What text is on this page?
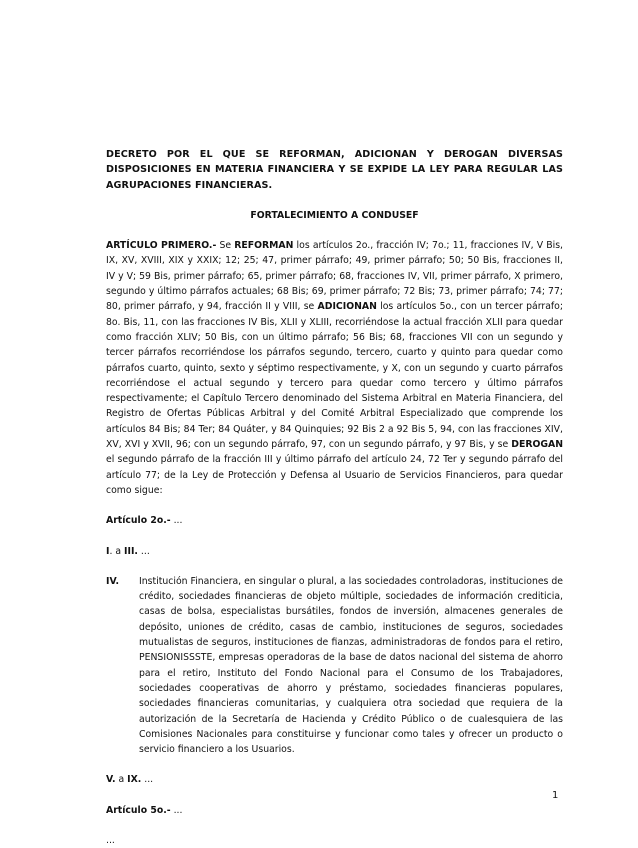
DECRETO POR EL QUE SE REFORMAN, ADICIONAN Y DEROGAN DIVERSAS DISPOSICIONES EN MATERIA FINANCIERA Y SE EXPIDE LA LEY PARA REGULAR LAS AGRUPACIONES FINANCIERAS.

FORTALECIMIENTO A CONDUSEF

ARTÍCULO PRIMERO.- Se REFORMAN los artículos 2o., fracción IV; 7o.; 11, fracciones IV, V Bis, IX, XV, XVIII, XIX y XXIX; 12; 25; 47, primer párrafo; 49, primer párrafo; 50; 50 Bis, fracciones II, IV y V; 59 Bis, primer párrafo; 65, primer párrafo; 68, fracciones IV, VII, primer párrafo, X primero, segundo y último párrafos actuales; 68 Bis; 69, primer párrafo; 72 Bis; 73, primer párrafo; 74; 77; 80, primer párrafo, y 94, fracción II y VIII, se ADICIONAN los artículos 5o., con un tercer párrafo; 8o. Bis, 11, con las fracciones IV Bis, XLII y XLIII, recorriéndose la actual fracción XLII para quedar como fracción XLIV; 50 Bis, con un último párrafo; 56 Bis; 68, fracciones VII con un segundo y tercer párrafos recorriéndose los párrafos segundo, tercero, cuarto y quinto para quedar como párrafos cuarto, quinto, sexto y séptimo respectivamente, y X, con un segundo y cuarto párrafos recorriéndose el actual segundo y tercero para quedar como tercero y último párrafos respectivamente; el Capítulo Tercero denominado del Sistema Arbitral en Materia Financiera, del Registro de Ofertas Públicas Arbitral y del Comité Arbitral Especializado que comprende los artículos 84 Bis; 84 Ter; 84 Quáter, y 84 Quinquies; 92 Bis 2 a 92 Bis 5, 94, con las fracciones XIV, XV, XVI y XVII, 96; con un segundo párrafo, 97, con un segundo párrafo, y 97 Bis, y se DEROGAN el segundo párrafo de la fracción III y último párrafo del artículo 24, 72 Ter y segundo párrafo del artículo 77; de la Ley de Protección y Defensa al Usuario de Servicios Financieros, para quedar como sigue:

Artículo 2o.- ...

I. a III. ...

IV.	Institución Financiera, en singular o plural, a las sociedades controladoras, instituciones de crédito, sociedades financieras de objeto múltiple, sociedades de información crediticia, casas de bolsa, especialistas bursátiles, fondos de inversión, almacenes generales de depósito, uniones de crédito, casas de cambio, instituciones de seguros, sociedades mutualistas de seguros, instituciones de fianzas, administradoras de fondos para el retiro, PENSIONISSSTE, empresas operadoras de la base de datos nacional del sistema de ahorro para el retiro, Instituto del Fondo Nacional para el Consumo de los Trabajadores, sociedades cooperativas de ahorro y préstamo, sociedades financieras populares, sociedades financieras comunitarias, y cualquiera otra sociedad que requiera de la autorización de la Secretaría de Hacienda y Crédito Público o de cualesquiera de las Comisiones Nacionales para constituirse y funcionar como tales y ofrecer un producto o servicio financiero a los Usuarios.

V. a IX. ...

Artículo 5o.- ...

...

1
